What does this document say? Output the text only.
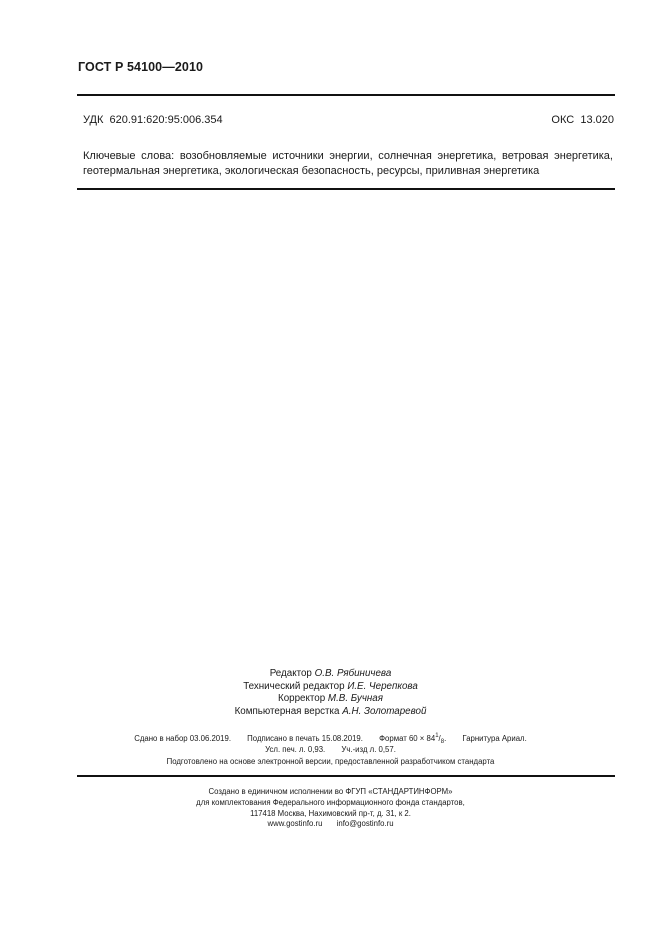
ГОСТ Р 54100—2010
УДК 620.91:620:95:006.354	ОКС 13.020
Ключевые слова: возобновляемые источники энергии, солнечная энергетика, ветровая энергетика, геотермальная энергетика, экологическая безопасность, ресурсы, приливная энергетика
Редактор О.В. Рябиничева
Технический редактор И.Е. Черепкова
Корректор М.В. Бучная
Компьютерная верстка А.Н. Золотаревой
Сдано в набор 03.06.2019. Подписано в печать 15.08.2019. Формат 60 × 841/8. Гарнитура Ариал.
Усл. печ. л. 0,93. Уч.-изд л. 0,57.
Подготовлено на основе электронной версии, предоставленной разработчиком стандарта
Создано в единичном исполнении во ФГУП «СТАНДАРТИНФОРМ»
для комплектования Федерального информационного фонда стандартов,
117418 Москва, Нахимовский пр-т, д. 31, к 2.
www.gostinfo.ru info@gostinfo.ru
